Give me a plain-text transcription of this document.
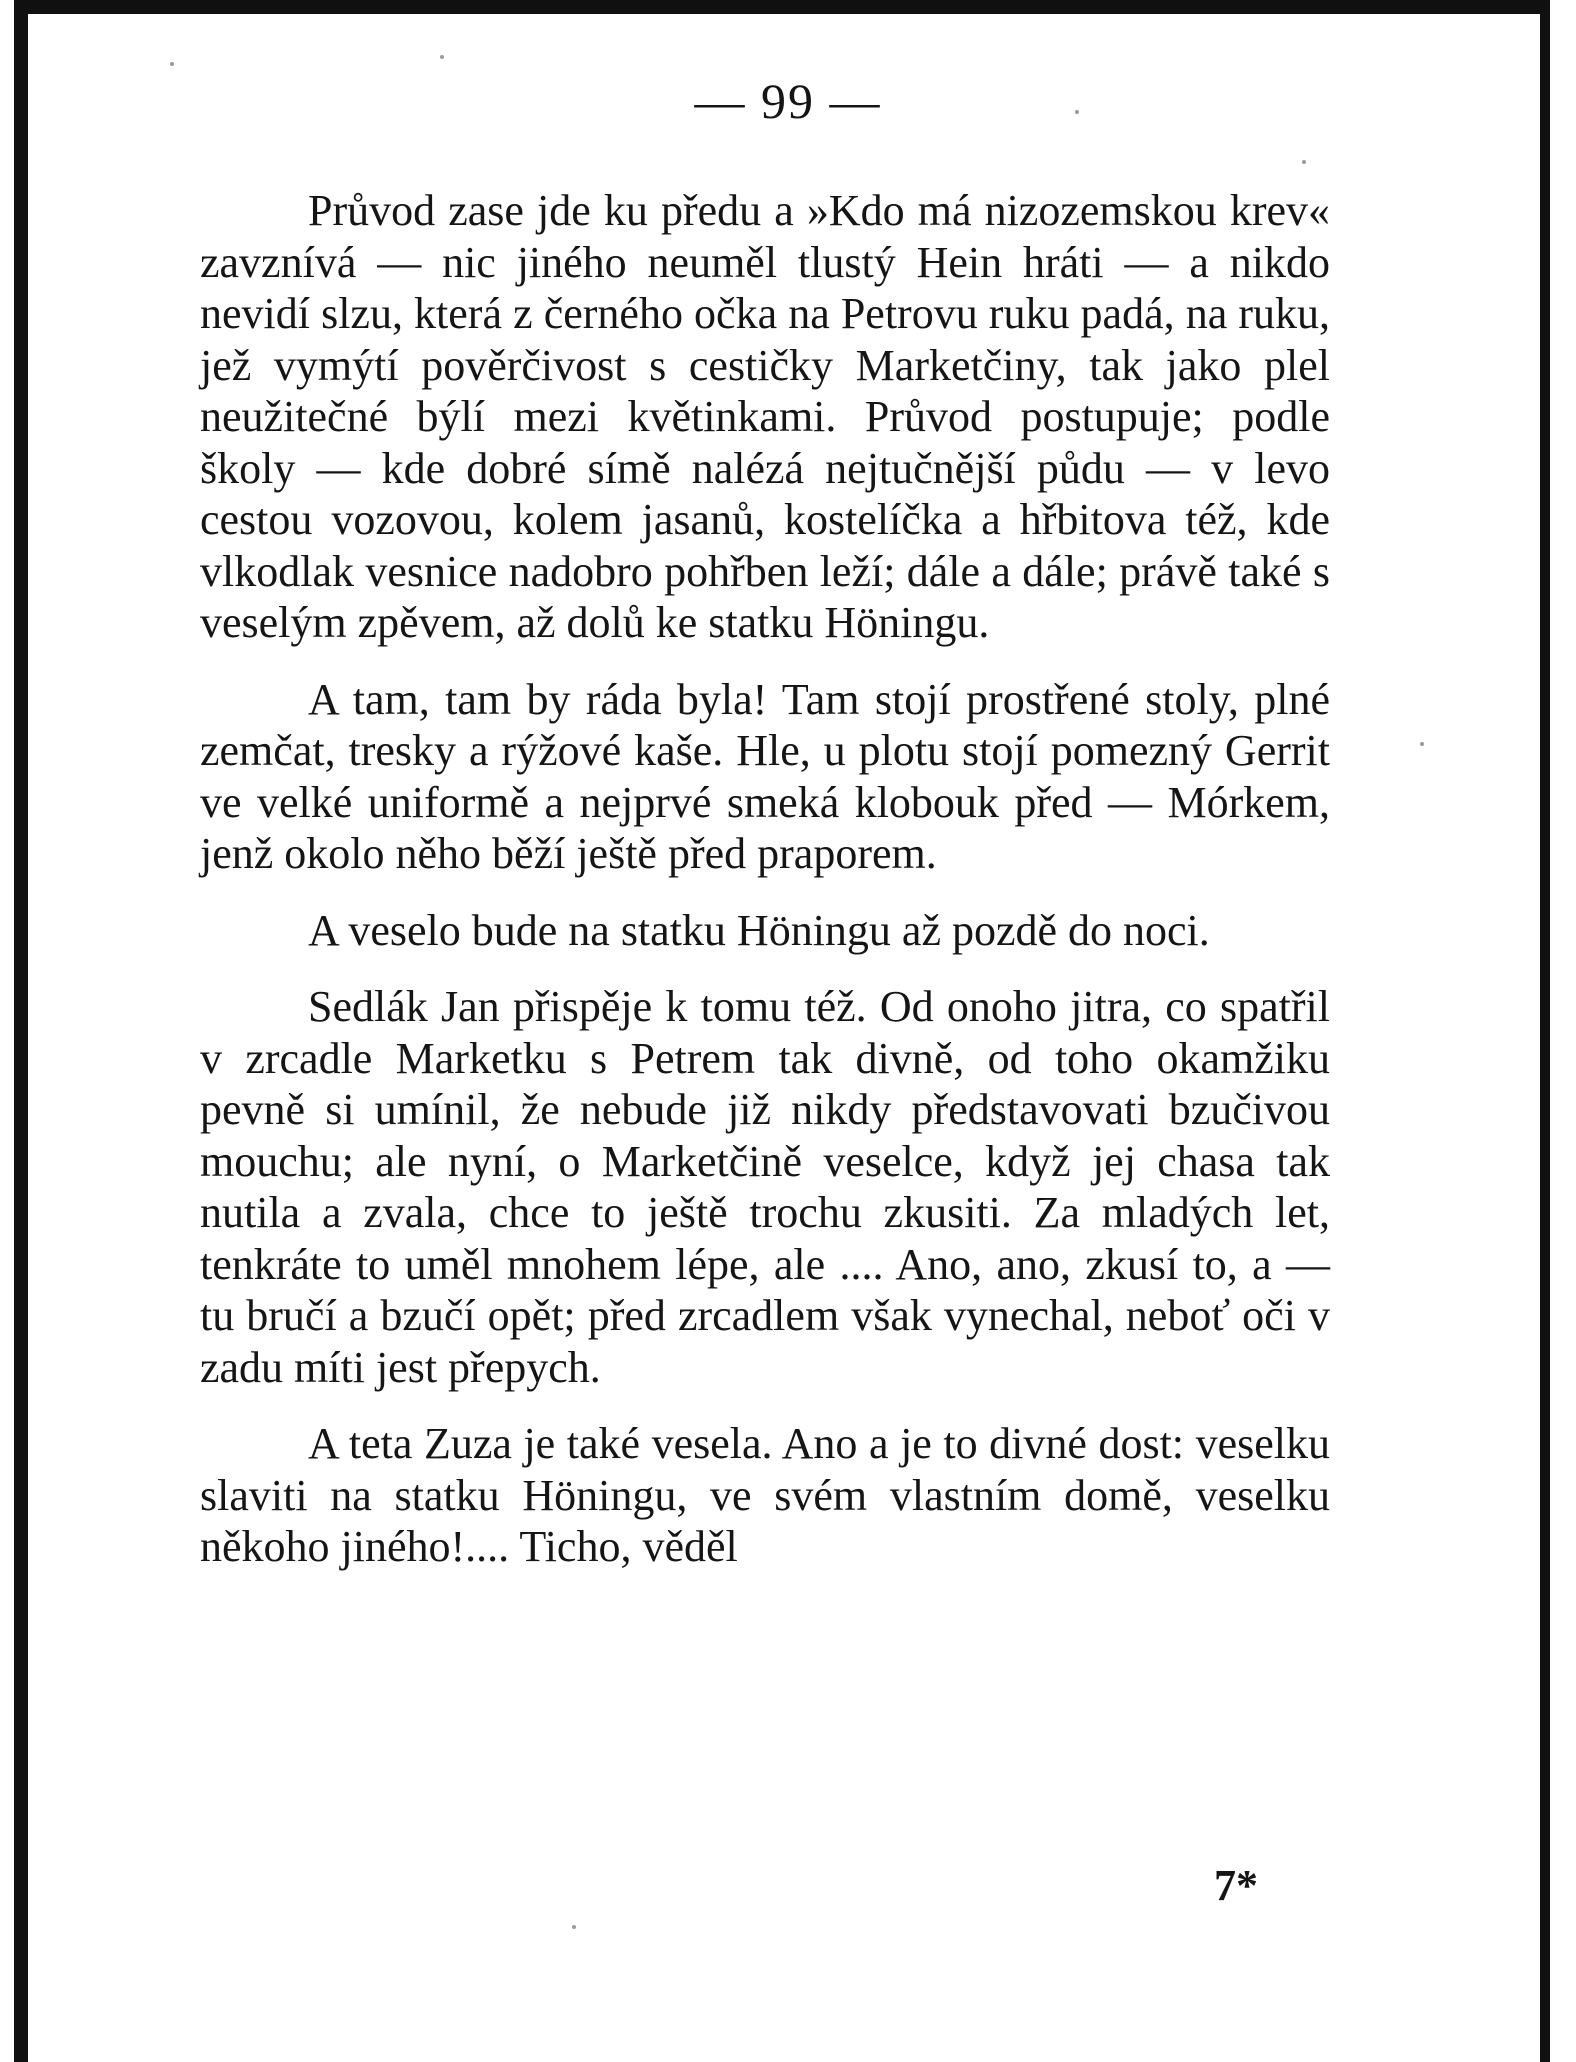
— 99 —

Průvod zase jde ku předu a »Kdo má nizozemskou krev« zavznívá — nic jiného neuměl tlustý Hein hráti — a nikdo nevidí slzu, která z černého očka na Petrovu ruku padá, na ruku, jež vymýtí pověrčivost s cestičky Marketčiny, tak jako plel neužitečné býlí mezi květinkami. Průvod postupuje; podle školy — kde dobré símě nalézá nejtučnější půdu — v levo cestou vozovou, kolem jasanů, kostelíčka a hřbitova též, kde vlkodlak vesnice nadobro pohřben leží; dále a dále; právě také s veselým zpěvem, až dolů ke statku Höningu.

A tam, tam by ráda byla! Tam stojí prostřené stoly, plné zemčat, tresky a rýžové kaše. Hle, u plotu stojí pomezný Gerrit ve velké uniformě a nejprvé smeká klobouk před — Mórkem, jenž okolo něho běží ještě před praporem.

A veselo bude na statku Höningu až pozdě do noci.

Sedlák Jan přispěje k tomu též. Od onoho jitra, co spatřil v zrcadle Marketku s Petrem tak divně, od toho okamžiku pevně si umínil, že nebude již nikdy představovati bzučivou mouchu; ale nyní, o Marketčině veselce, když jej chasa tak nutila a zvala, chce to ještě trochu zkusiti. Za mladých let, tenkráte to uměl mnohem lépe, ale .... Ano, ano, zkusí to, a — tu bručí a bzučí opět; před zrcadlem však vynechal, neboť oči v zadu míti jest přepych.

A teta Zuza je také vesela. Ano a je to divné dost: veselku slaviti na statku Höningu, ve svém vlastním domě, veselku někoho jiného!.... Ticho, věděl

7*
